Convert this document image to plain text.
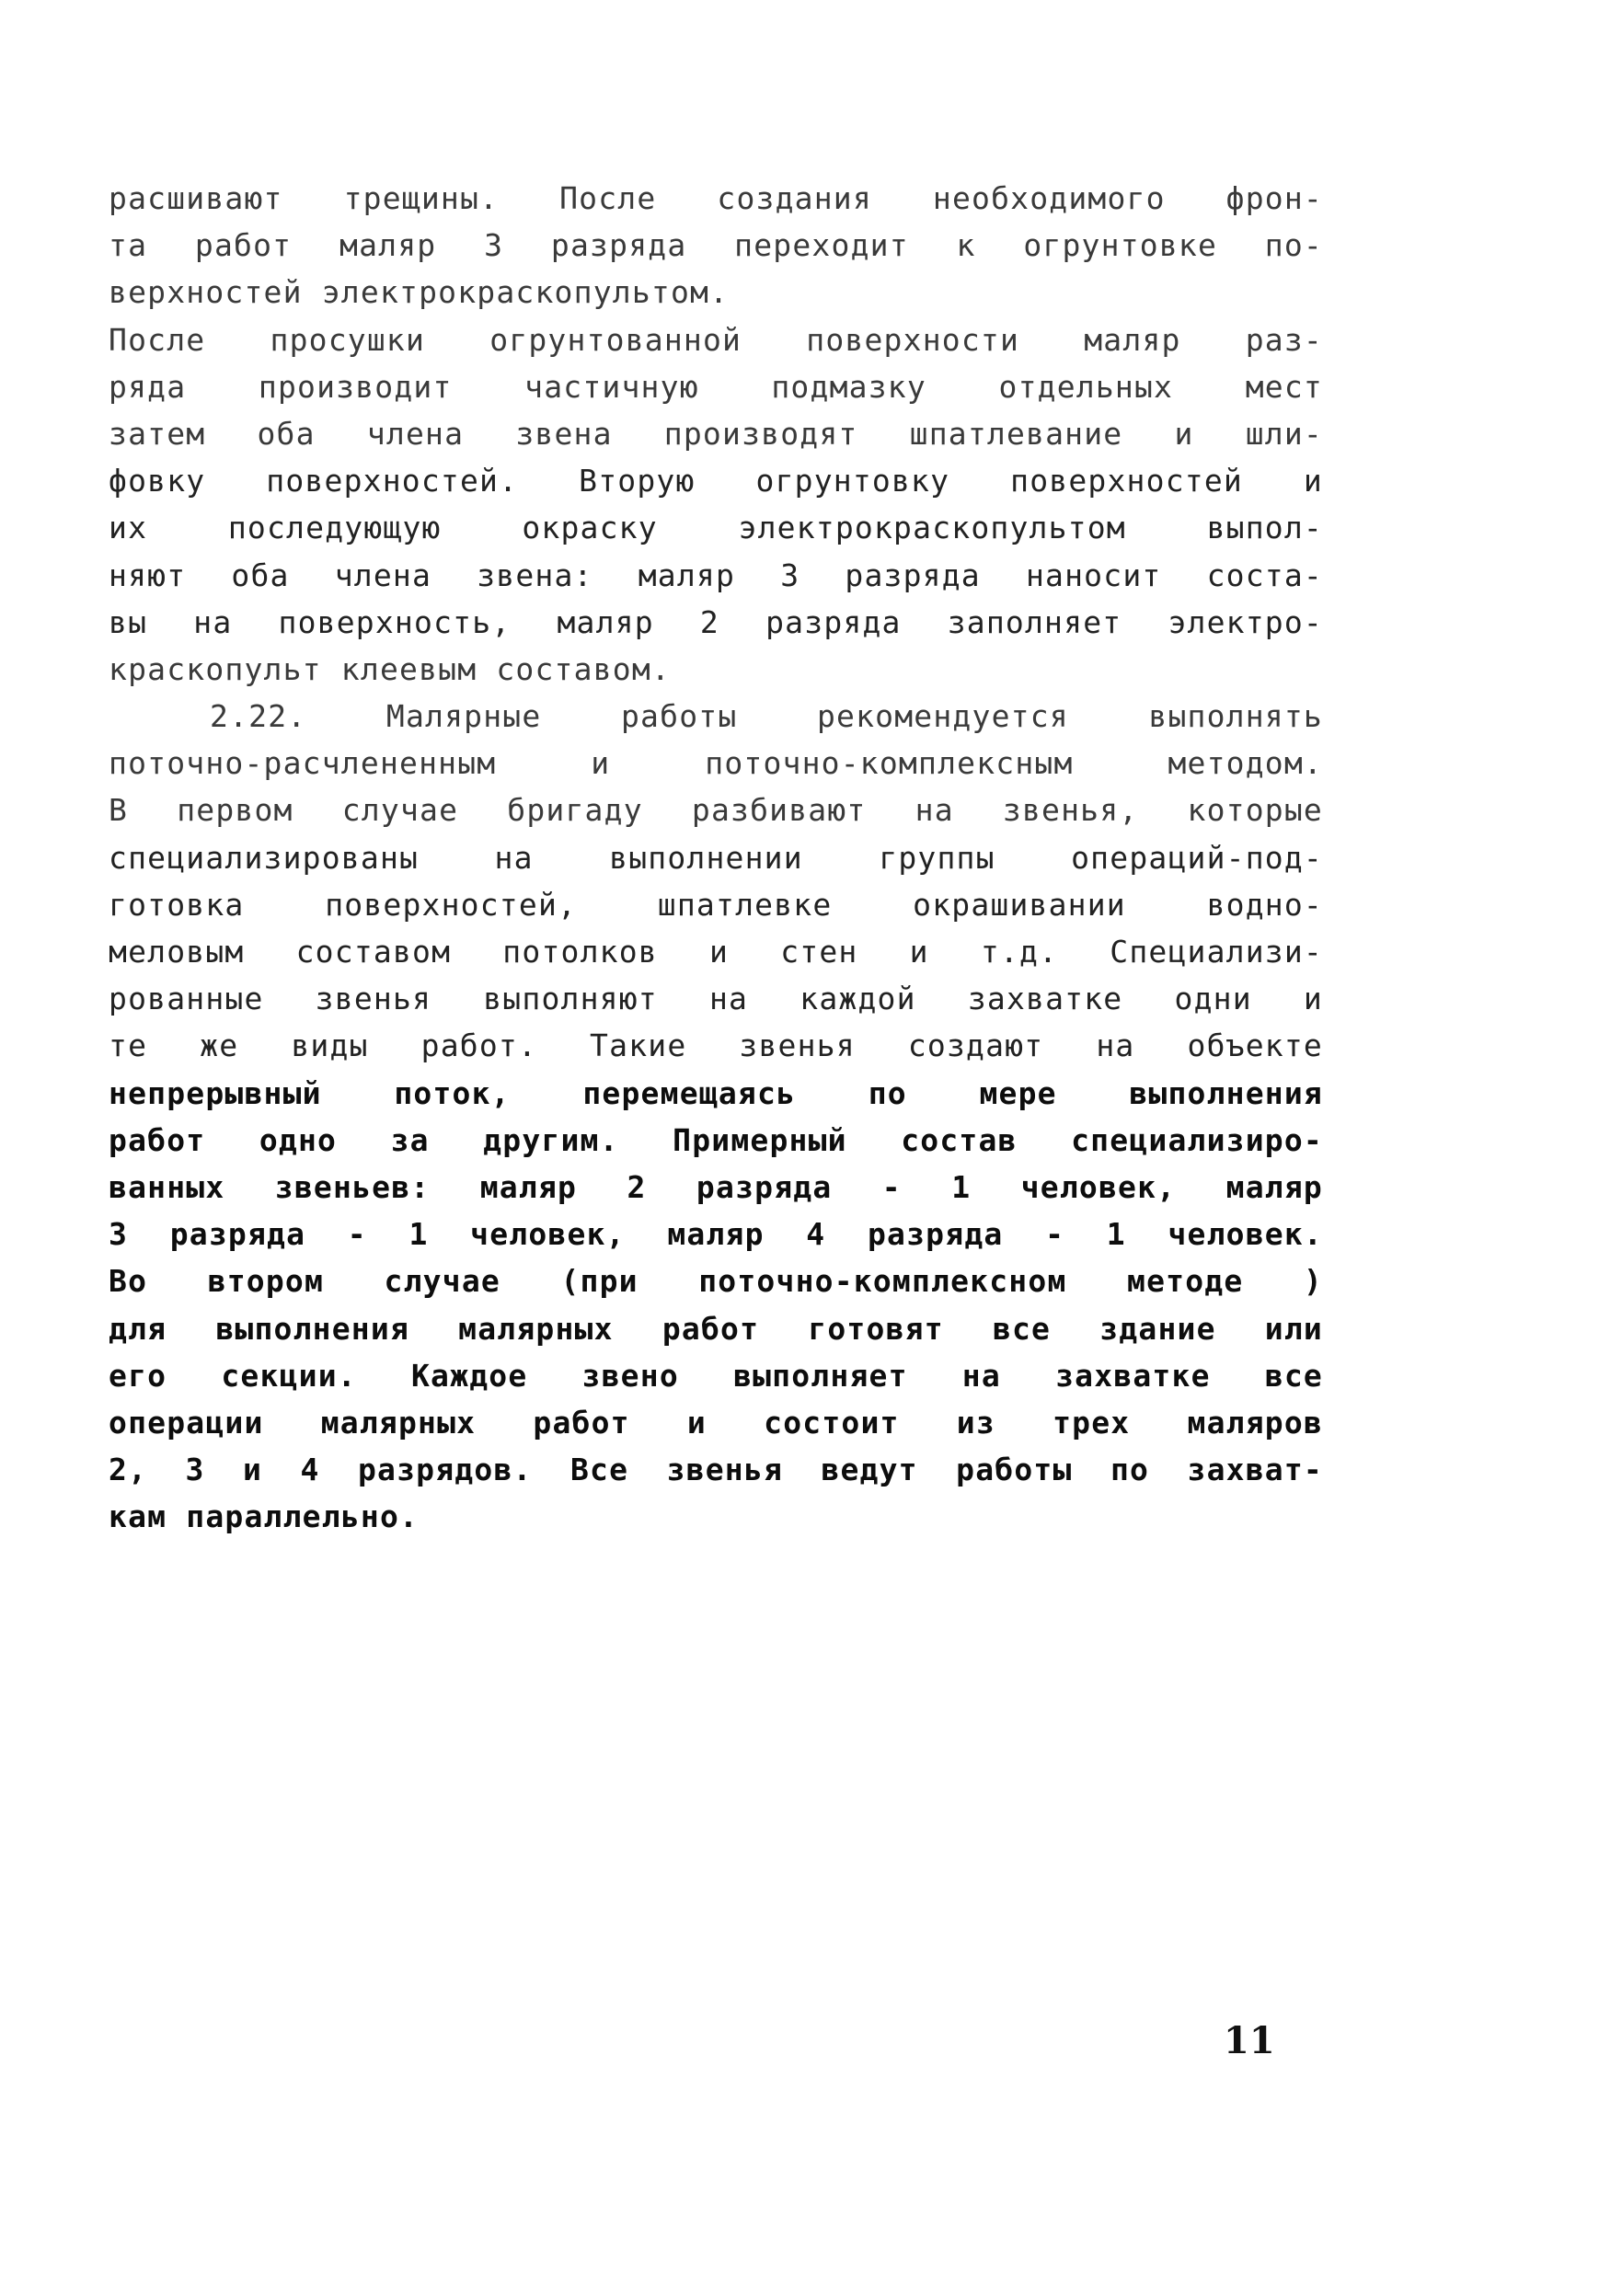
расшивают трещины. После создания необходимого фрон-
та работ маляр 3 разряда переходит к огрунтовке по-
верхностей электрокраскопультом.
После просушки огрунтованной поверхности маляр раз-
ряда производит частичную подмазку отдельных мест
затем оба члена звена производят шпатлевание и шли-
фовку поверхностей. Вторую огрунтовку поверхностей и
их последующую окраску электрокраскопультом выпол-
няют оба члена звена: маляр 3 разряда наносит соста-
вы на поверхность, маляр 2 разряда заполняет электро-
краскопульт клеевым составом.
2.22. Малярные работы рекомендуется выполнять
поточно-расчлененным и поточно-комплексным методом.
В первом случае бригаду разбивают на звенья, которые
специализированы на выполнении группы операций-под-
готовка поверхностей, шпатлевке окрашивании водно-
меловым составом потолков и стен и т.д. Специализи-
рованные звенья выполняют на каждой захватке одни и
те же виды работ. Такие звенья создают на объекте
непрерывный поток, перемещаясь по мере выполнения
работ одно за другим. Примерный состав специализиро-
ванных звеньев: маляр 2 разряда - 1 человек, маляр
3 разряда - 1 человек, маляр 4 разряда - 1 человек.
Во втором случае (при поточно-комплексном методе )
для выполнения малярных работ готовят все здание или
его секции. Каждое звено выполняет на захватке все
операции малярных работ и состоит из трех маляров
2, 3 и 4 разрядов. Все звенья ведут работы по захват-
кам параллельно.
11
